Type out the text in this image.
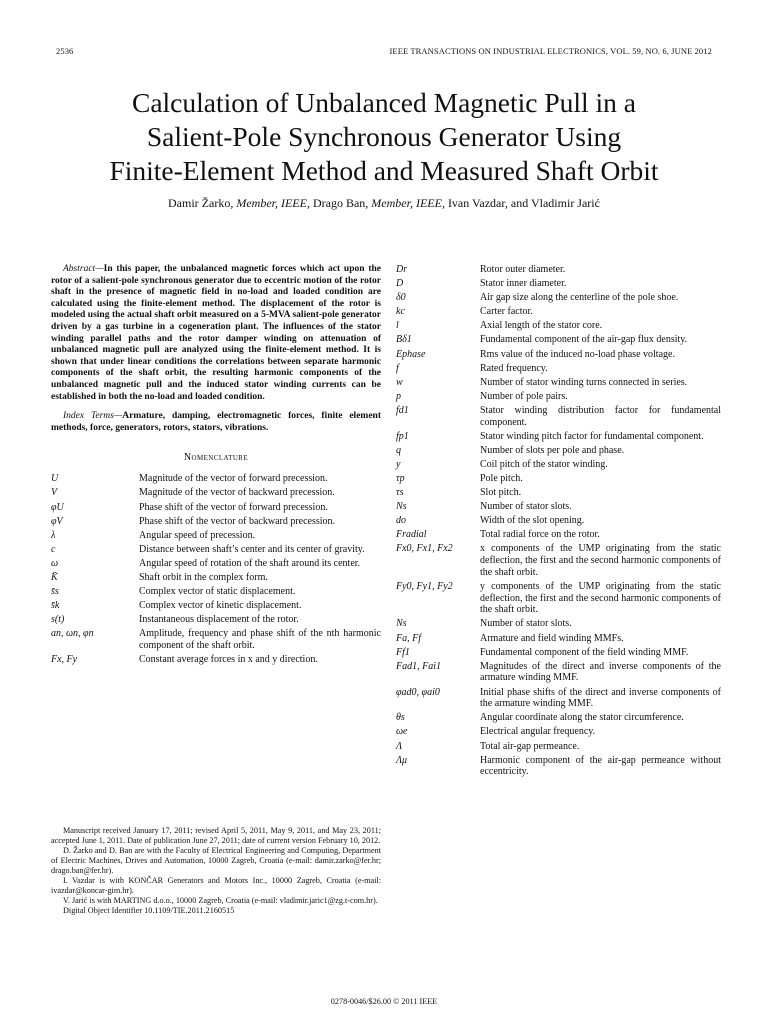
2536	IEEE TRANSACTIONS ON INDUSTRIAL ELECTRONICS, VOL. 59, NO. 6, JUNE 2012
Calculation of Unbalanced Magnetic Pull in a
Salient-Pole Synchronous Generator Using
Finite-Element Method and Measured Shaft Orbit
Damir Žarko, Member, IEEE, Drago Ban, Member, IEEE, Ivan Vazdar, and Vladimir Jarić

Abstract—In this paper, the unbalanced magnetic forces which act upon the rotor of a salient-pole synchronous generator due to eccentric motion of the rotor shaft in the presence of magnetic field in no-load and loaded condition are calculated using the finite-element method. The displacement of the rotor is modeled using the actual shaft orbit measured on a 5-MVA salient-pole generator driven by a gas turbine in a cogeneration plant. The influences of the stator winding parallel paths and the rotor damper winding on attenuation of unbalanced magnetic pull are analyzed using the finite-element method. It is shown that under linear conditions the correlations between separate harmonic components of the shaft orbit, the resulting harmonic components of the unbalanced magnetic pull and the induced stator winding currents can be established in both the no-load and loaded condition.

Index Terms—Armature, damping, electromagnetic forces, finite element methods, force, generators, rotors, stators, vibrations.

Nomenclature
U	Magnitude of the vector of forward precession.
V	Magnitude of the vector of backward precession.
φU	Phase shift of the vector of forward precession.
φV	Phase shift of the vector of backward precession.
λ	Angular speed of precession.
c	Distance between shaft’s center and its center of gravity.
ω	Angular speed of rotation of the shaft around its center.
K̄	Shaft orbit in the complex form.
s̄s	Complex vector of static displacement.
s̄k	Complex vector of kinetic displacement.
s(t)	Instantaneous displacement of the rotor.
an, ωn, φn	Amplitude, frequency and phase shift of the nth harmonic component of the shaft orbit.
Fx, Fy	Constant average forces in x and y direction.
Dr	Rotor outer diameter.
D	Stator inner diameter.
δ0	Air gap size along the centerline of the pole shoe.
kc	Carter factor.
l	Axial length of the stator core.
Bδ1	Fundamental component of the air-gap flux density.
Ephase	Rms value of the induced no-load phase voltage.
f	Rated frequency.
w	Number of stator winding turns connected in series.
p	Number of pole pairs.
fd1	Stator winding distribution factor for fundamental component.
fp1	Stator winding pitch factor for fundamental component.
q	Number of slots per pole and phase.
y	Coil pitch of the stator winding.
τp	Pole pitch.
τs	Slot pitch.
Ns	Number of stator slots.
do	Width of the slot opening.
Fradial	Total radial force on the rotor.
Fx0, Fx1, Fx2	x components of the UMP originating from the static deflection, the first and the second harmonic components of the shaft orbit.
Fy0, Fy1, Fy2	y components of the UMP originating from the static deflection, the first and the second harmonic components of the shaft orbit.
Ns	Number of stator slots.
Fa, Ff	Armature and field winding MMFs.
Ff1	Fundamental component of the field winding MMF.
Fad1, Fai1	Magnitudes of the direct and inverse components of the armature winding MMF.
φad0, φai0	Initial phase shifts of the direct and inverse components of the armature winding MMF.
θs	Angular coordinate along the stator circumference.
ωe	Electrical angular frequency.
Λ	Total air-gap permeance.
Λμ	Harmonic component of the air-gap permeance without eccentricity.

Manuscript received January 17, 2011; revised April 5, 2011, May 9, 2011, and May 23, 2011; accepted June 1, 2011. Date of publication June 27, 2011; date of current version February 10, 2012.

D. Žarko and D. Ban are with the Faculty of Electrical Engineering and Computing, Department of Electric Machines, Drives and Automation, 10000 Zagreb, Croatia (e-mail: damir.zarko@fer.hr; drago.ban@fer.hr).

I. Vazdar is with KONČAR Generators and Motors Inc., 10000 Zagreb, Croatia (e-mail: ivazdar@koncar-gim.hr).

V. Jarić is with MARTING d.o.o., 10000 Zagreb, Croatia (e-mail: vladimir.jaric1@zg.t-com.hr).

Digital Object Identifier 10.1109/TIE.2011.2160515

0278-0046/$26.00 © 2011 IEEE
